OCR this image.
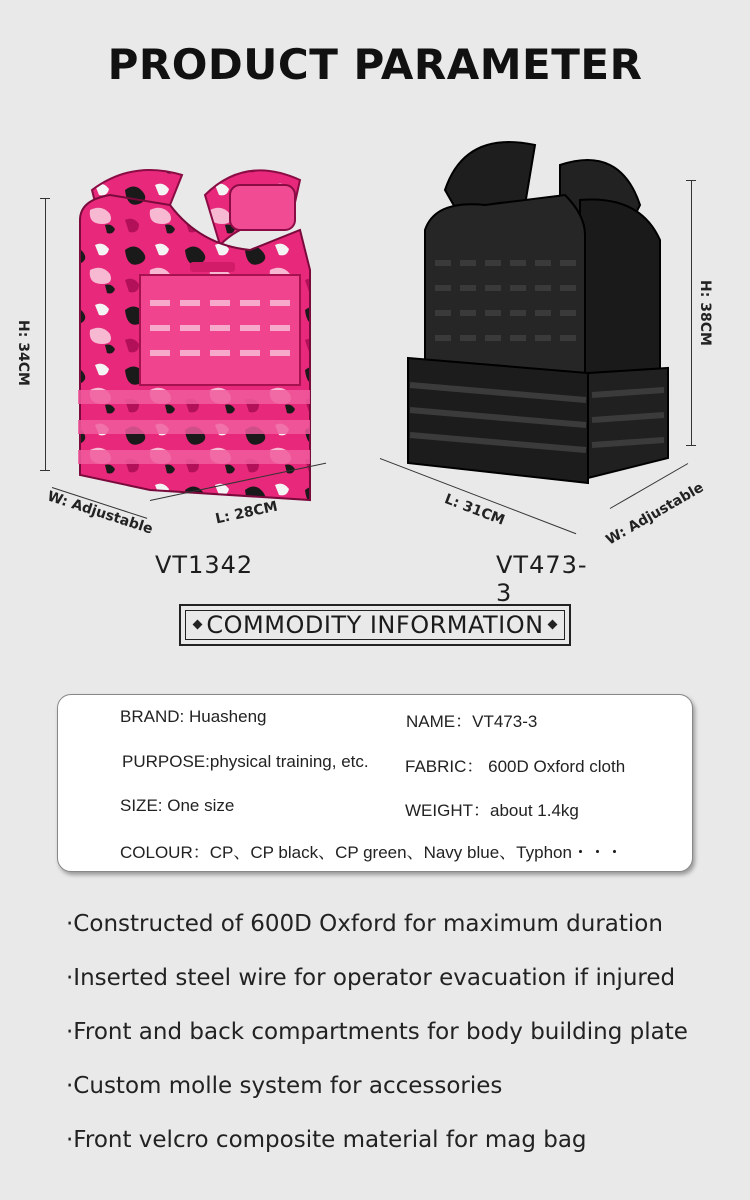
PRODUCT PARAMETER
H: 34CM
L: 28CM
W: Adjustable
VT1342
H: 38CM
L: 31CM	W: Adjustable
VT473-3
COMMODITY INFORMATION
BRAND: Huasheng	NAME：VT473-3
PURPOSE:physical training, etc. FABRIC： 600D Oxford cloth
SIZE: One size	WEIGHT：about 1.4kg
COLOUR：CP、CP black、CP green、Navy blue、Typhon・・・
·Constructed of 600D Oxford for maximum duration
·Inserted steel wire for operator evacuation if injured
·Front and back compartments for body building plate
·Custom molle system for accessories
·Front velcro composite material for mag bag
